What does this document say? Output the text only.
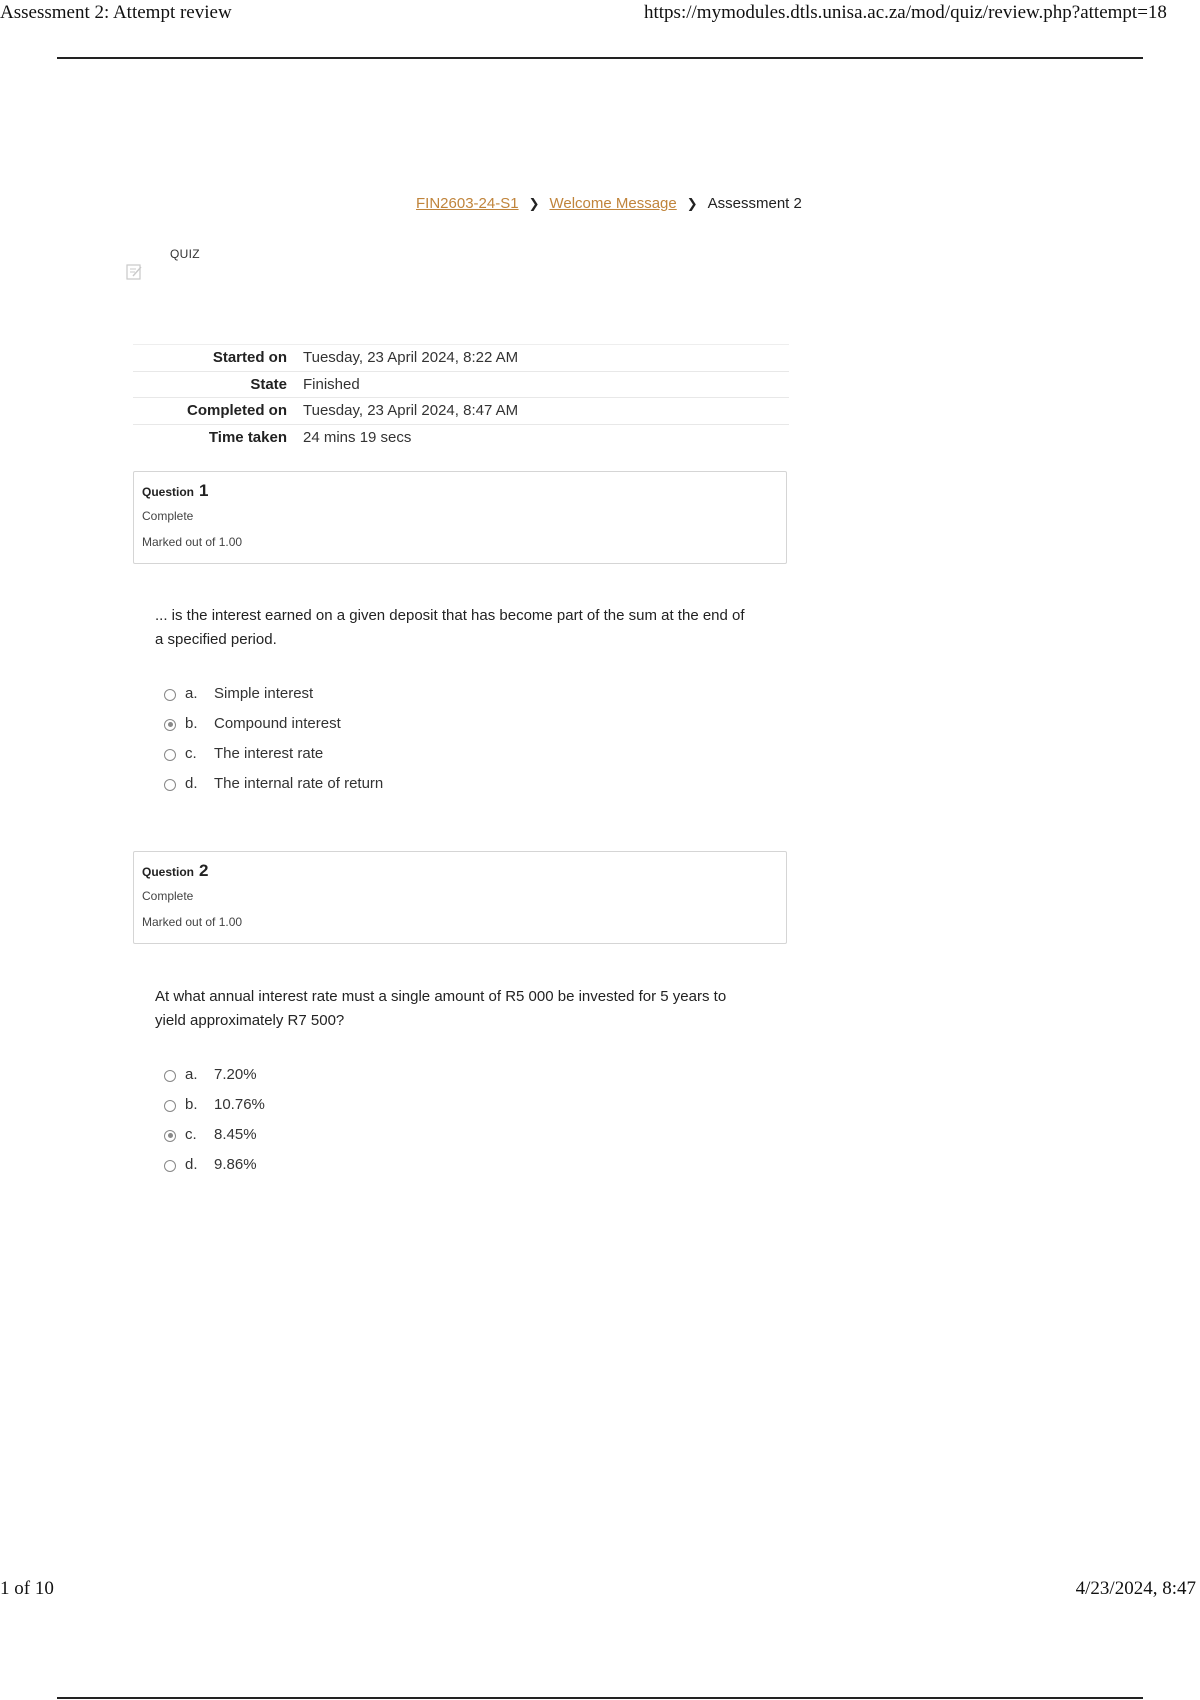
Assessment 2: Attempt review	https://mymodules.dtls.unisa.ac.za/mod/quiz/review.php?attempt=18
FIN2603-24-S1 ❯ Welcome Message ❯ Assessment 2
QUIZ
Started on	Tuesday, 23 April 2024, 8:22 AM
State	Finished
Completed on	Tuesday, 23 April 2024, 8:47 AM
Time taken	24 mins 19 secs
Question 1
Complete
Marked out of 1.00
... is the interest earned on a given deposit that has become part of the sum at the end of a specified period.
a.	Simple interest
b.	Compound interest
c.	The interest rate
d.	The internal rate of return
Question 2
Complete
Marked out of 1.00
At what annual interest rate must a single amount of R5 000 be invested for 5 years to yield approximately R7 500?
a.	7.20%
b.	10.76%
c.	8.45%
d.	9.86%
1 of 10	4/23/2024, 8:47
